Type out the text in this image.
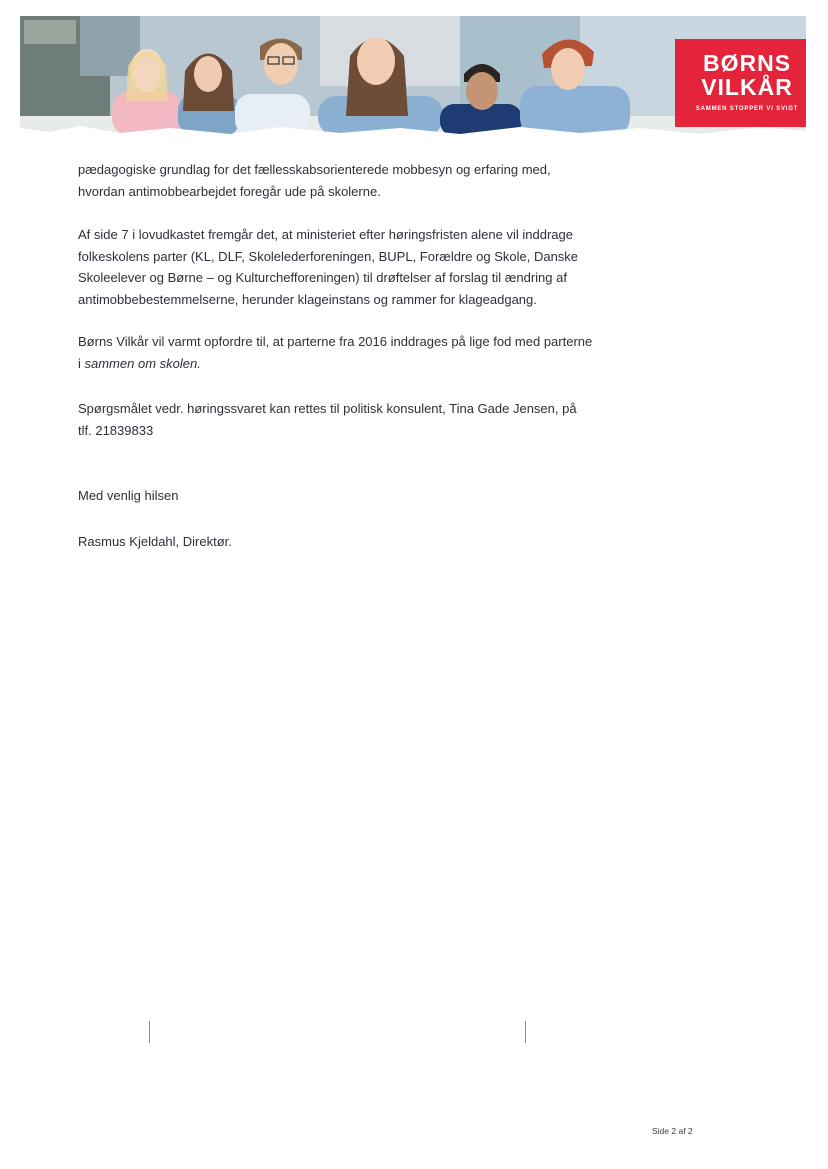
BØRNS
VILKÅR
SAMMEN STOPPER VI SVIGT

pædagogiske grundlag for det fællesskabsorienterede mobbesyn og erfaring med,
hvordan antimobbearbejdet foregår ude på skolerne.

Af side 7 i lovudkastet fremgår det, at ministeriet efter høringsfristen alene vil inddrage
folkeskolens parter (KL, DLF, Skolelederforeningen, BUPL, Forældre og Skole, Danske
Skoleelever og Børne – og Kulturchefforeningen) til drøftelser af forslag til ændring af
antimobbebestemmelserne, herunder klageinstans og rammer for klageadgang.

Børns Vilkår vil varmt opfordre til, at parterne fra 2016 inddrages på lige fod med parterne
i sammen om skolen.

Spørgsmålet vedr. høringssvaret kan rettes til politisk konsulent, Tina Gade Jensen, på
tlf. 21839833

Med venlig hilsen

Rasmus Kjeldahl, Direktør.

Side 2 af 2
